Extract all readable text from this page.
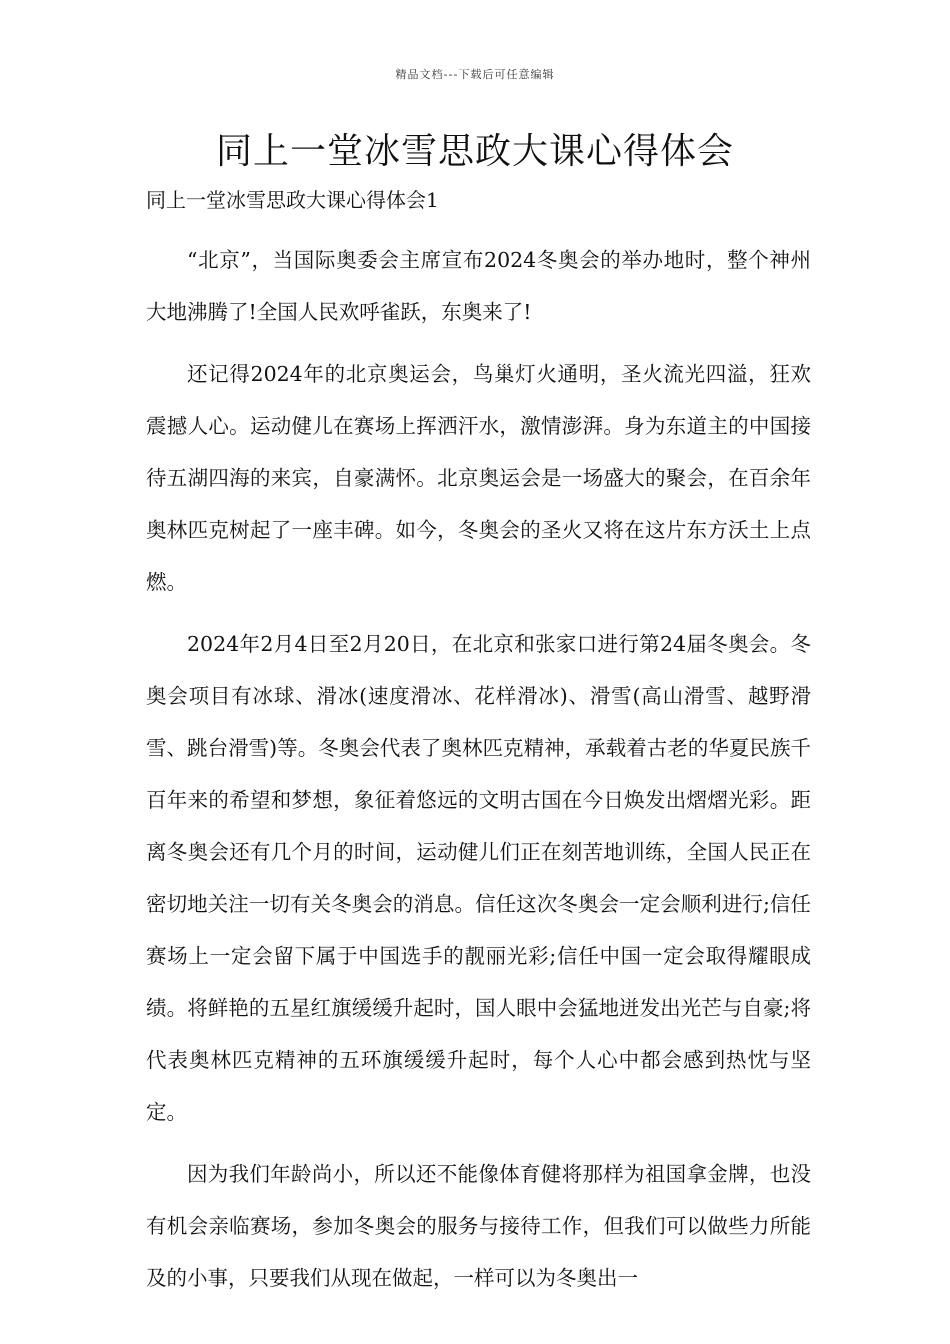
精品文档---下载后可任意编辑
同上一堂冰雪思政大课心得体会
同上一堂冰雪思政大课心得体会1

“北京”，当国际奥委会主席宣布2024冬奥会的举办地时，整个神州大地沸腾了!全国人民欢呼雀跃，东奥来了!

还记得2024年的北京奥运会，鸟巢灯火通明，圣火流光四溢，狂欢震撼人心。运动健儿在赛场上挥洒汗水，激情澎湃。身为东道主的中国接待五湖四海的来宾，自豪满怀。北京奥运会是一场盛大的聚会，在百余年奥林匹克树起了一座丰碑。如今，冬奥会的圣火又将在这片东方沃土上点燃。

2024年2月4日至2月20日，在北京和张家口进行第24届冬奥会。冬奥会项目有冰球、滑冰(速度滑冰、花样滑冰)、滑雪(高山滑雪、越野滑雪、跳台滑雪)等。冬奥会代表了奥林匹克精神，承载着古老的华夏民族千百年来的希望和梦想，象征着悠远的文明古国在今日焕发出熠熠光彩。距离冬奥会还有几个月的时间，运动健儿们正在刻苦地训练，全国人民正在密切地关注一切有关冬奥会的消息。信任这次冬奥会一定会顺利进行;信任赛场上一定会留下属于中国选手的靓丽光彩;信任中国一定会取得耀眼成绩。将鲜艳的五星红旗缓缓升起时，国人眼中会猛地迸发出光芒与自豪;将代表奥林匹克精神的五环旗缓缓升起时，每个人心中都会感到热忱与坚定。

因为我们年龄尚小，所以还不能像体育健将那样为祖国拿金牌，也没有机会亲临赛场，参加冬奥会的服务与接待工作，但我们可以做些力所能及的小事，只要我们从现在做起，一样可以为冬奥出一
